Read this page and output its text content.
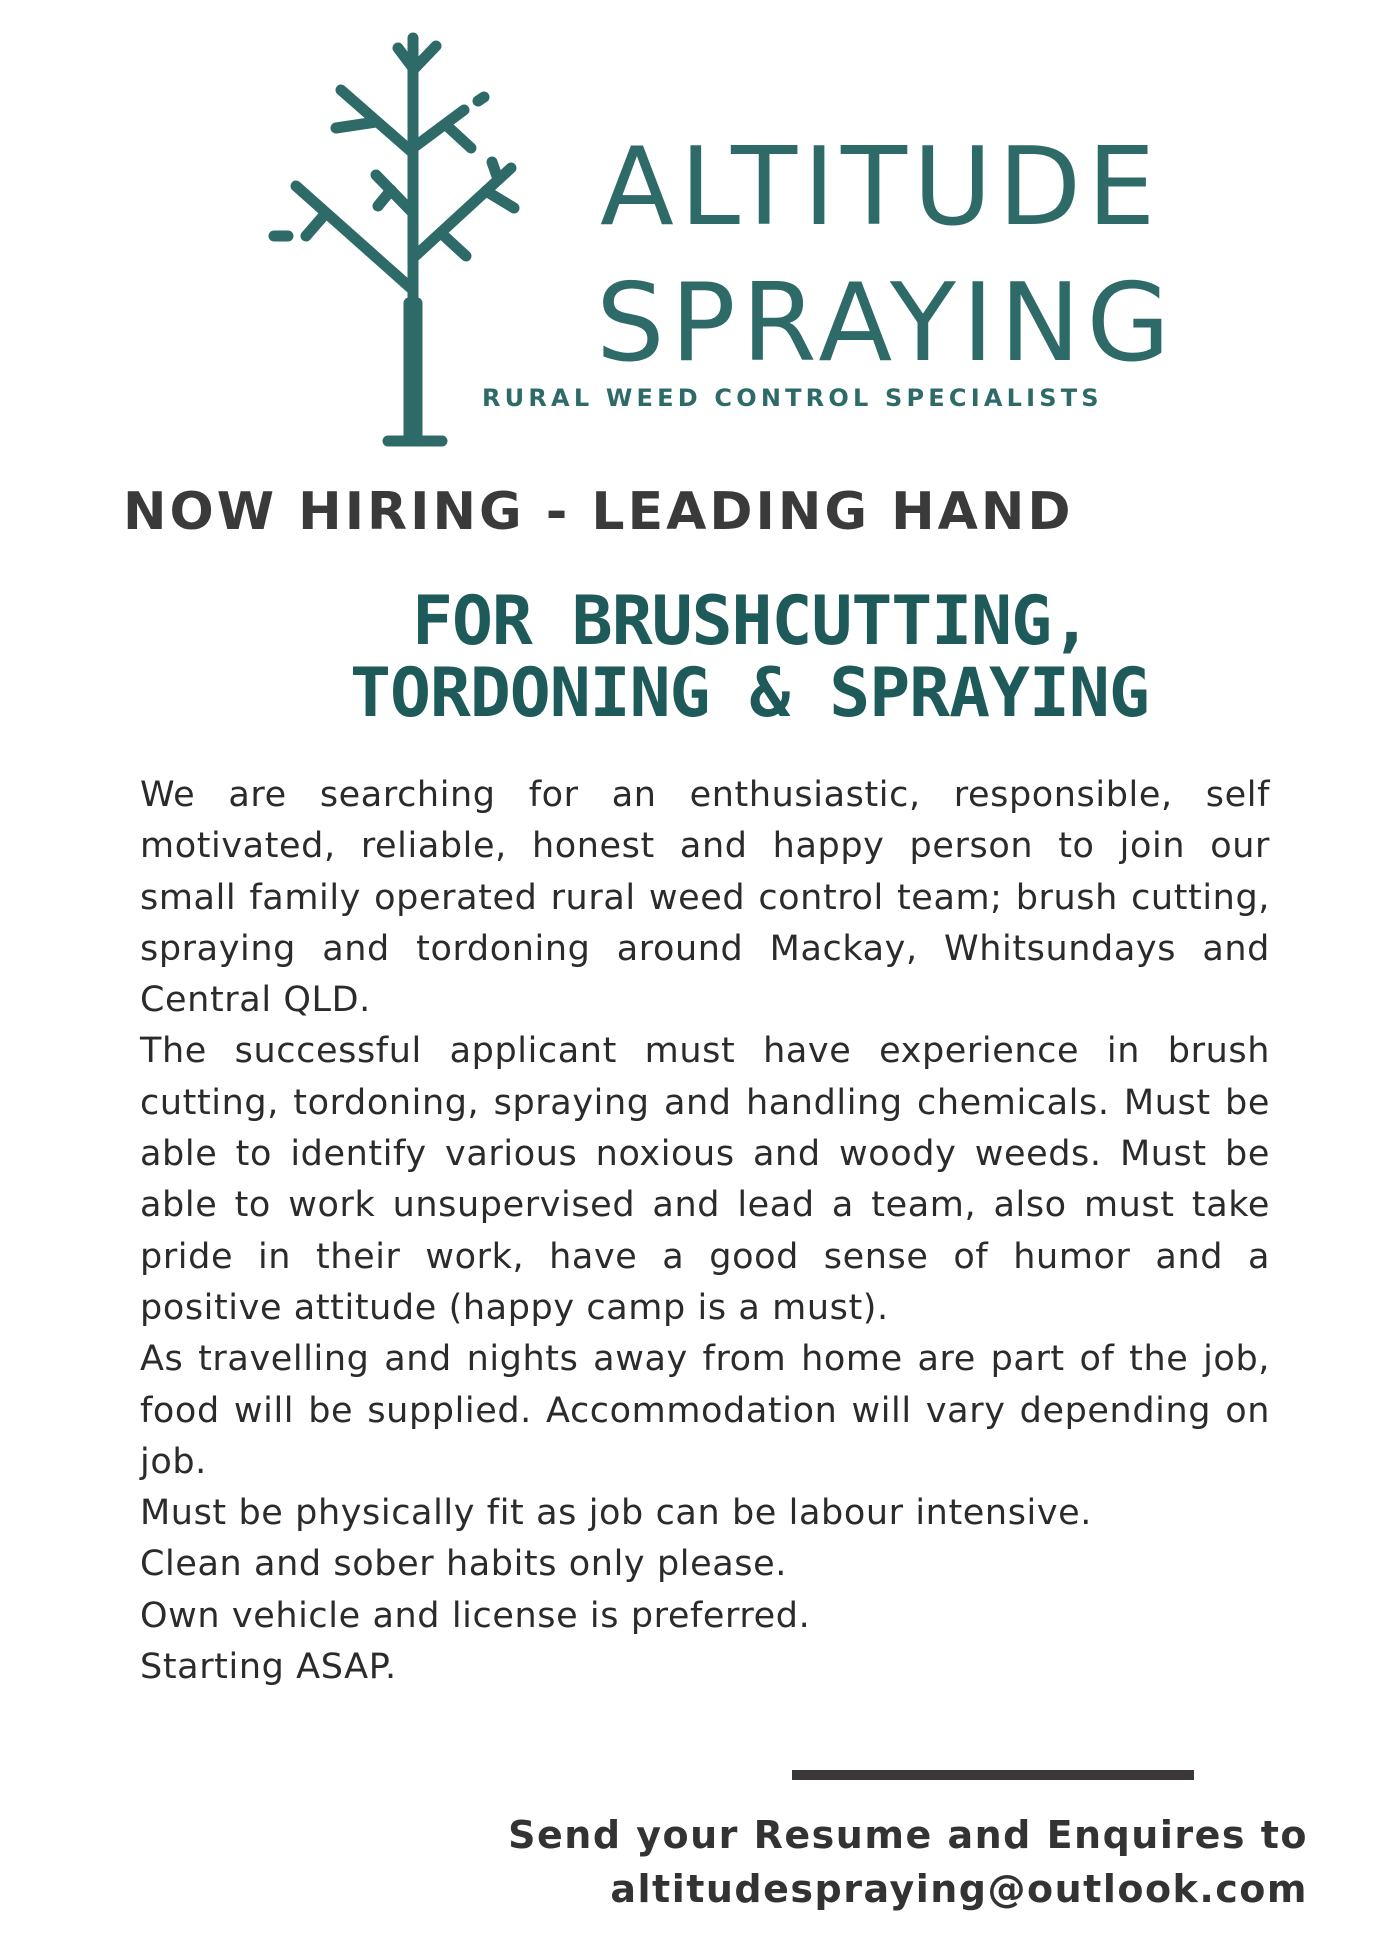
ALTITUDE
SPRAYING
RURAL WEED CONTROL SPECIALISTS
NOW HIRING - LEADING HAND
FOR BRUSHCUTTING,
TORDONING & SPRAYING

We are searching for an enthusiastic, responsible, self motivated, reliable, honest and happy person to join our small family operated rural weed control team; brush cutting, spraying and tordoning around Mackay, Whitsundays and Central QLD.

The successful applicant must have experience in brush cutting, tordoning, spraying and handling chemicals. Must be able to identify various noxious and woody weeds. Must be able to work unsupervised and lead a team, also must take pride in their work, have a good sense of humor and a positive attitude (happy camp is a must).

As travelling and nights away from home are part of the job, food will be supplied. Accommodation will vary depending on job.

Must be physically fit as job can be labour intensive.

Clean and sober habits only please.

Own vehicle and license is preferred.

Starting ASAP.

Send your Resume and Enquires to
altitudespraying@outlook.com
